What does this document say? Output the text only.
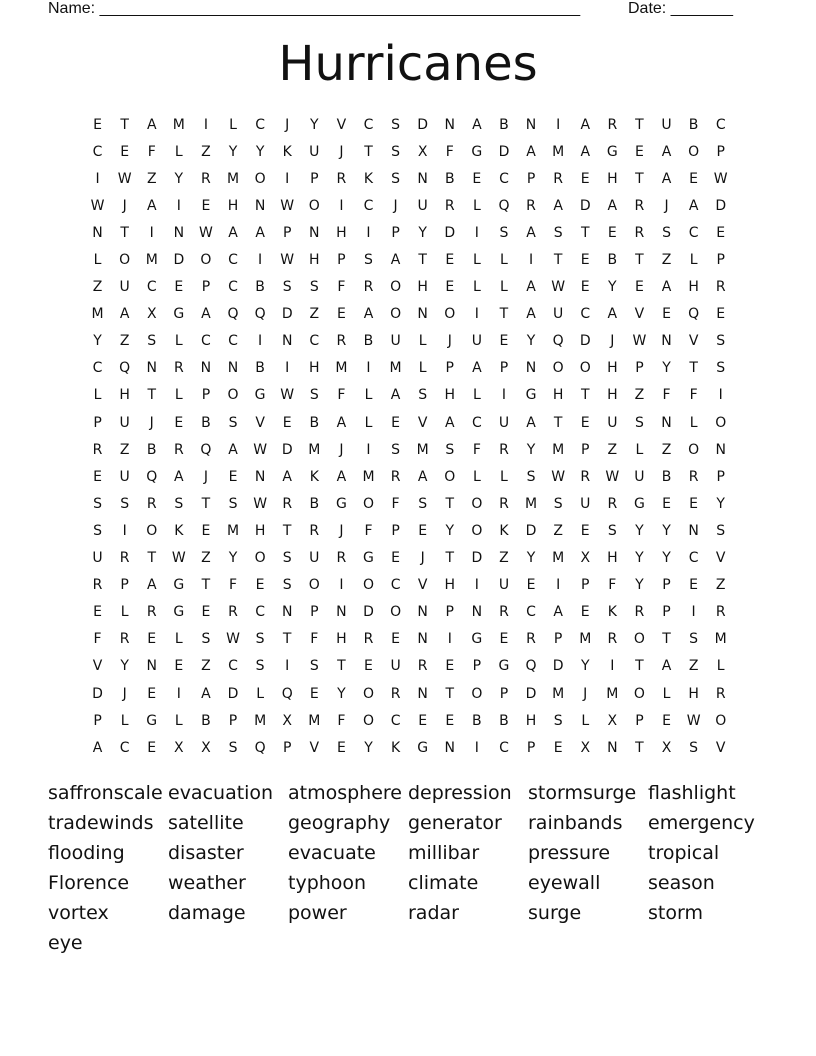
Name: ______________________________________________________

	Date: _______

Hurricanes
E	T	A	M	I	L	C	J	Y	V	C	S	D	N	A	B	N	I	A	R	T	U	B	C
C	E	F	L	Z	Y	Y	K	U	J	T	S	X	F	G	D	A	M	A	G	E	A	O	P
I	W	Z	Y	R	M	O	I	P	R	K	S	N	B	E	C	P	R	E	H	T	A	E	W
W	J	A	I	E	H	N	W	O	I	C	J	U	R	L	Q	R	A	D	A	R	J	A	D
N	T	I	N	W	A	A	P	N	H	I	P	Y	D	I	S	A	S	T	E	R	S	C	E
L	O	M	D	O	C	I	W	H	P	S	A	T	E	L	L	I	T	E	B	T	Z	L	P
Z	U	C	E	P	C	B	S	S	F	R	O	H	E	L	L	A	W	E	Y	E	A	H	R
M	A	X	G	A	Q	Q	D	Z	E	A	O	N	O	I	T	A	U	C	A	V	E	Q	E
Y	Z	S	L	C	C	I	N	C	R	B	U	L	J	U	E	Y	Q	D	J	W	N	V	S
C	Q	N	R	N	N	B	I	H	M	I	M	L	P	A	P	N	O	O	H	P	Y	T	S
L	H	T	L	P	O	G	W	S	F	L	A	S	H	L	I	G	H	T	H	Z	F	F	I
P	U	J	E	B	S	V	E	B	A	L	E	V	A	C	U	A	T	E	U	S	N	L	O
R	Z	B	R	Q	A	W	D	M	J	I	S	M	S	F	R	Y	M	P	Z	L	Z	O	N
E	U	Q	A	J	E	N	A	K	A	M	R	A	O	L	L	S	W	R	W	U	B	R	P
S	S	R	S	T	S	W	R	B	G	O	F	S	T	O	R	M	S	U	R	G	E	E	Y
S	I	O	K	E	M	H	T	R	J	F	P	E	Y	O	K	D	Z	E	S	Y	Y	N	S
U	R	T	W	Z	Y	O	S	U	R	G	E	J	T	D	Z	Y	M	X	H	Y	Y	C	V
R	P	A	G	T	F	E	S	O	I	O	C	V	H	I	U	E	I	P	F	Y	P	E	Z
E	L	R	G	E	R	C	N	P	N	D	O	N	P	N	R	C	A	E	K	R	P	I	R
F	R	E	L	S	W	S	T	F	H	R	E	N	I	G	E	R	P	M	R	O	T	S	M
V	Y	N	E	Z	C	S	I	S	T	E	U	R	E	P	G	Q	D	Y	I	T	A	Z	L
D	J	E	I	A	D	L	Q	E	Y	O	R	N	T	O	P	D	M	J	M	O	L	H	R
P	L	G	L	B	P	M	X	M	F	O	C	E	E	B	B	H	S	L	X	P	E	W	O
A	C	E	X	X	S	Q	P	V	E	Y	K	G	N	I	C	P	E	X	N	T	X	S	V
saffronscale evacuation atmosphere depression stormsurge flashlight
tradewinds satellite	geography generator	rainbands	emergency
flooding	disaster	evacuate	millibar	pressure	tropical
Florence	weather	typhoon	climate	eyewall	season
vortex	damage	power	radar	surge	storm
eye
